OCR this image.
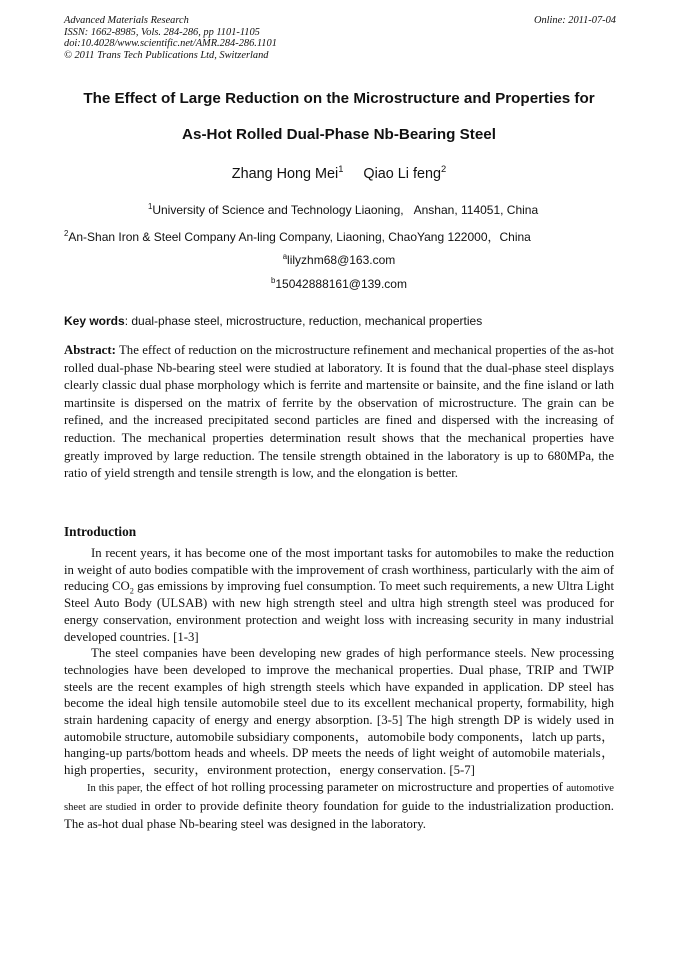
Advanced Materials Research
ISSN: 1662-8985, Vols. 284-286, pp 1101-1105
doi:10.4028/www.scientific.net/AMR.284-286.1101
© 2011 Trans Tech Publications Ltd, Switzerland
Online: 2011-07-04
The Effect of Large Reduction on the Microstructure and Properties for
As-Hot Rolled Dual-Phase Nb-Bearing Steel
Zhang Hong Mei$^1$ Qiao Li feng$^2$
$^1$University of Science and Technology Liaoning,   Anshan, 114051, China
$^2$An-Shan Iron & Steel Company An-ling Company, Liaoning, ChaoYang 122000，China
$^a$lilyzhm68@163.com
$^b$15042888161@139.com
Key words: dual-phase steel, microstructure, reduction, mechanical properties
Abstract: The effect of reduction on the microstructure refinement and mechanical properties of the as-hot rolled dual-phase Nb-bearing steel were studied at laboratory. It is found that the dual-phase steel displays clearly classic dual phase morphology which is ferrite and martensite or bainsite, and the fine island or lath martinsite is dispersed on the matrix of ferrite by the observation of microstructure. The grain can be refined, and the increased precipitated second particles are fined and dispersed with the increasing of reduction. The mechanical properties determination result shows that the mechanical properties have greatly improved by large reduction. The tensile strength obtained in the laboratory is up to 680MPa, the ratio of yield strength and tensile strength is low, and the elongation is better.
Introduction

In recent years, it has become one of the most important tasks for automobiles to make the reduction in weight of auto bodies compatible with the improvement of crash worthiness, particularly with the aim of reducing $CO_2$ gas emissions by improving fuel consumption. To meet such requirements, a new Ultra Light Steel Auto Body (ULSAB) with new high strength steel and ultra high strength steel was produced for energy conservation, environment protection and weight loss with increasing security in many industrial developed countries. [1-3]

The steel companies have been developing new grades of high performance steels. New processing technologies have been developed to improve the mechanical properties. Dual phase, TRIP and TWIP steels are the recent examples of high strength steels which have expanded in application. DP steel has become the ideal high tensile automobile steel due to its excellent mechanical property, formability, high strain hardening capacity of energy and energy absorption. [3-5] The high strength DP is widely used in automobile structure, automobile subsidiary components，automobile body components，latch up parts，hanging-up parts/bottom heads and wheels. DP meets the needs of light weight of automobile materials，high properties，security，environment protection，energy conservation. [5-7]

In this paper, the effect of hot rolling processing parameter on microstructure and properties of automotive sheet are studied in order to provide definite theory foundation for guide to the industrialization production. The as-hot dual phase Nb-bearing steel was designed in the laboratory.
